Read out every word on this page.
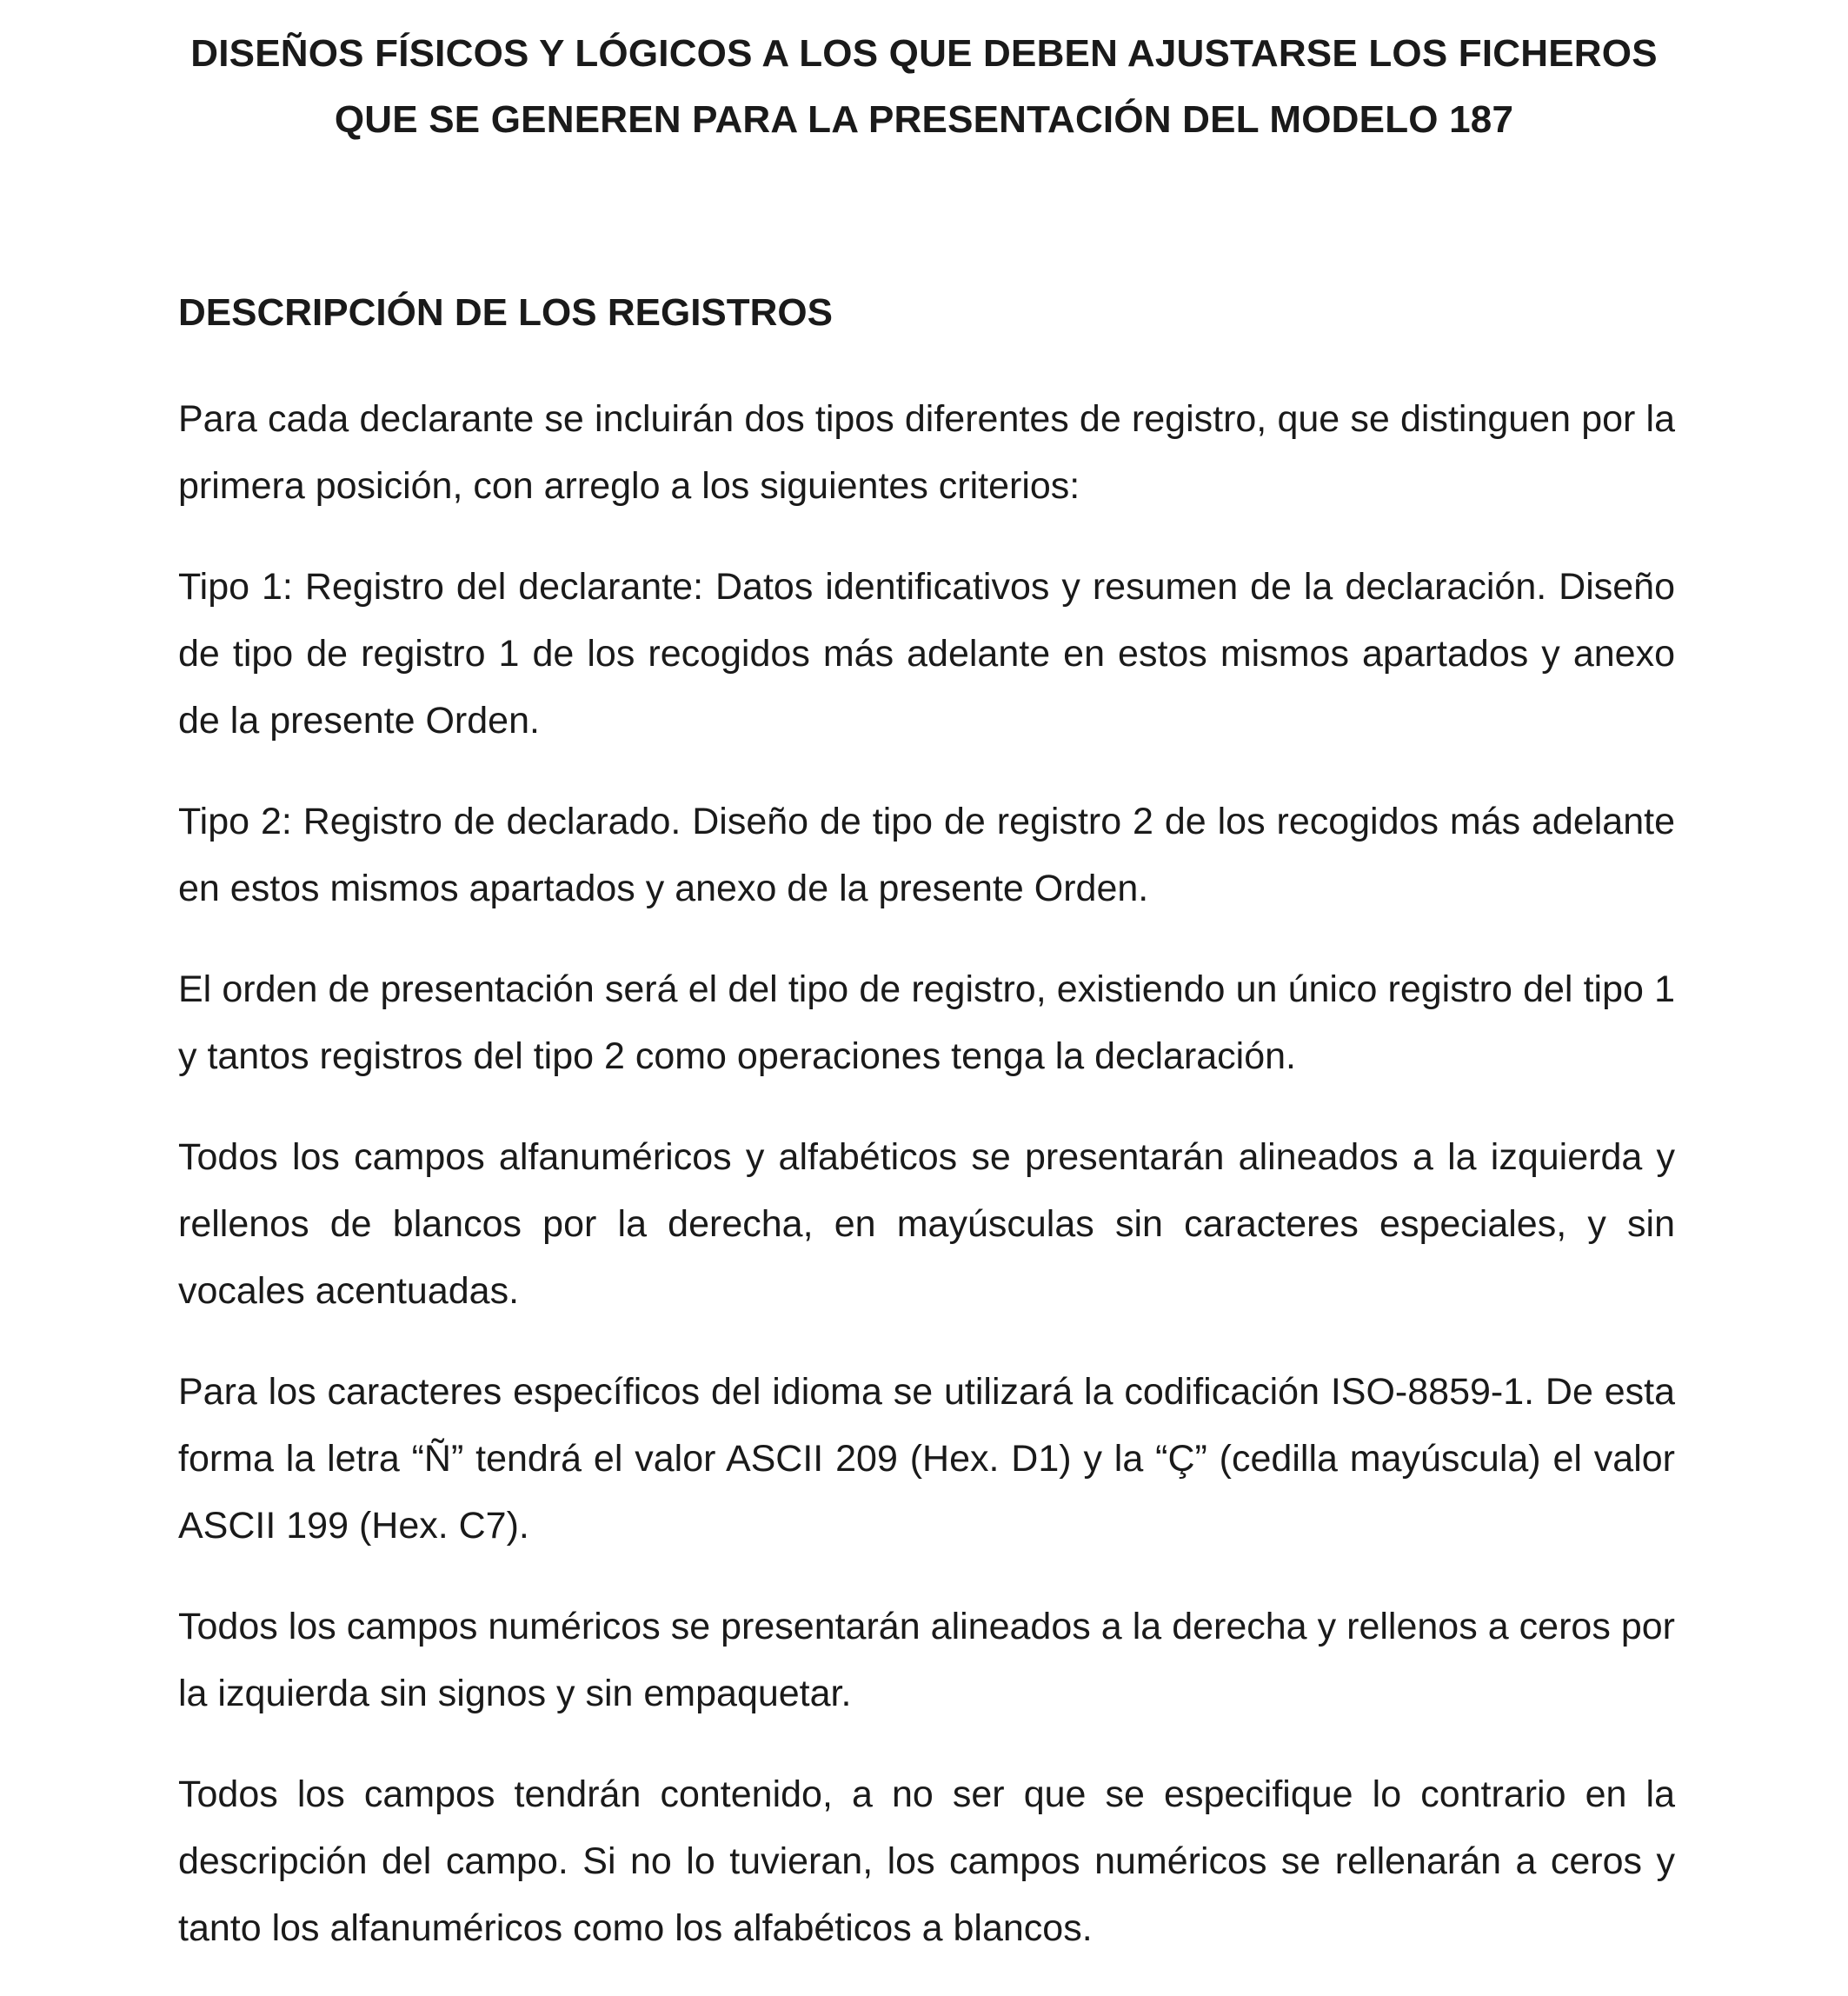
DISEÑOS FÍSICOS Y LÓGICOS A LOS QUE DEBEN AJUSTARSE LOS FICHEROS
QUE SE GENEREN PARA LA PRESENTACIÓN DEL MODELO 187
DESCRIPCIÓN DE LOS REGISTROS

Para cada declarante se incluirán dos tipos diferentes de registro, que se distinguen por la primera posición, con arreglo a los siguientes criterios:

Tipo 1: Registro del declarante: Datos identificativos y resumen de la declaración. Diseño de tipo de registro 1 de los recogidos más adelante en estos mismos apartados y anexo de la presente Orden.

Tipo 2: Registro de declarado. Diseño de tipo de registro 2 de los recogidos más adelante en estos mismos apartados y anexo de la presente Orden.

El orden de presentación será el del tipo de registro, existiendo un único registro del tipo 1 y tantos registros del tipo 2 como operaciones tenga la declaración.

Todos los campos alfanuméricos y alfabéticos se presentarán alineados a la izquierda y rellenos de blancos por la derecha, en mayúsculas sin caracteres especiales, y sin vocales acentuadas.

Para los caracteres específicos del idioma se utilizará la codificación ISO-8859-1. De esta forma la letra “Ñ” tendrá el valor ASCII 209 (Hex. D1) y la “Ç” (cedilla mayúscula) el valor ASCII 199 (Hex. C7).

Todos los campos numéricos se presentarán alineados a la derecha y rellenos a ceros por la izquierda sin signos y sin empaquetar.

Todos los campos tendrán contenido, a no ser que se especifique lo contrario en la descripción del campo. Si no lo tuvieran, los campos numéricos se rellenarán a ceros y tanto los alfanuméricos como los alfabéticos a blancos.
